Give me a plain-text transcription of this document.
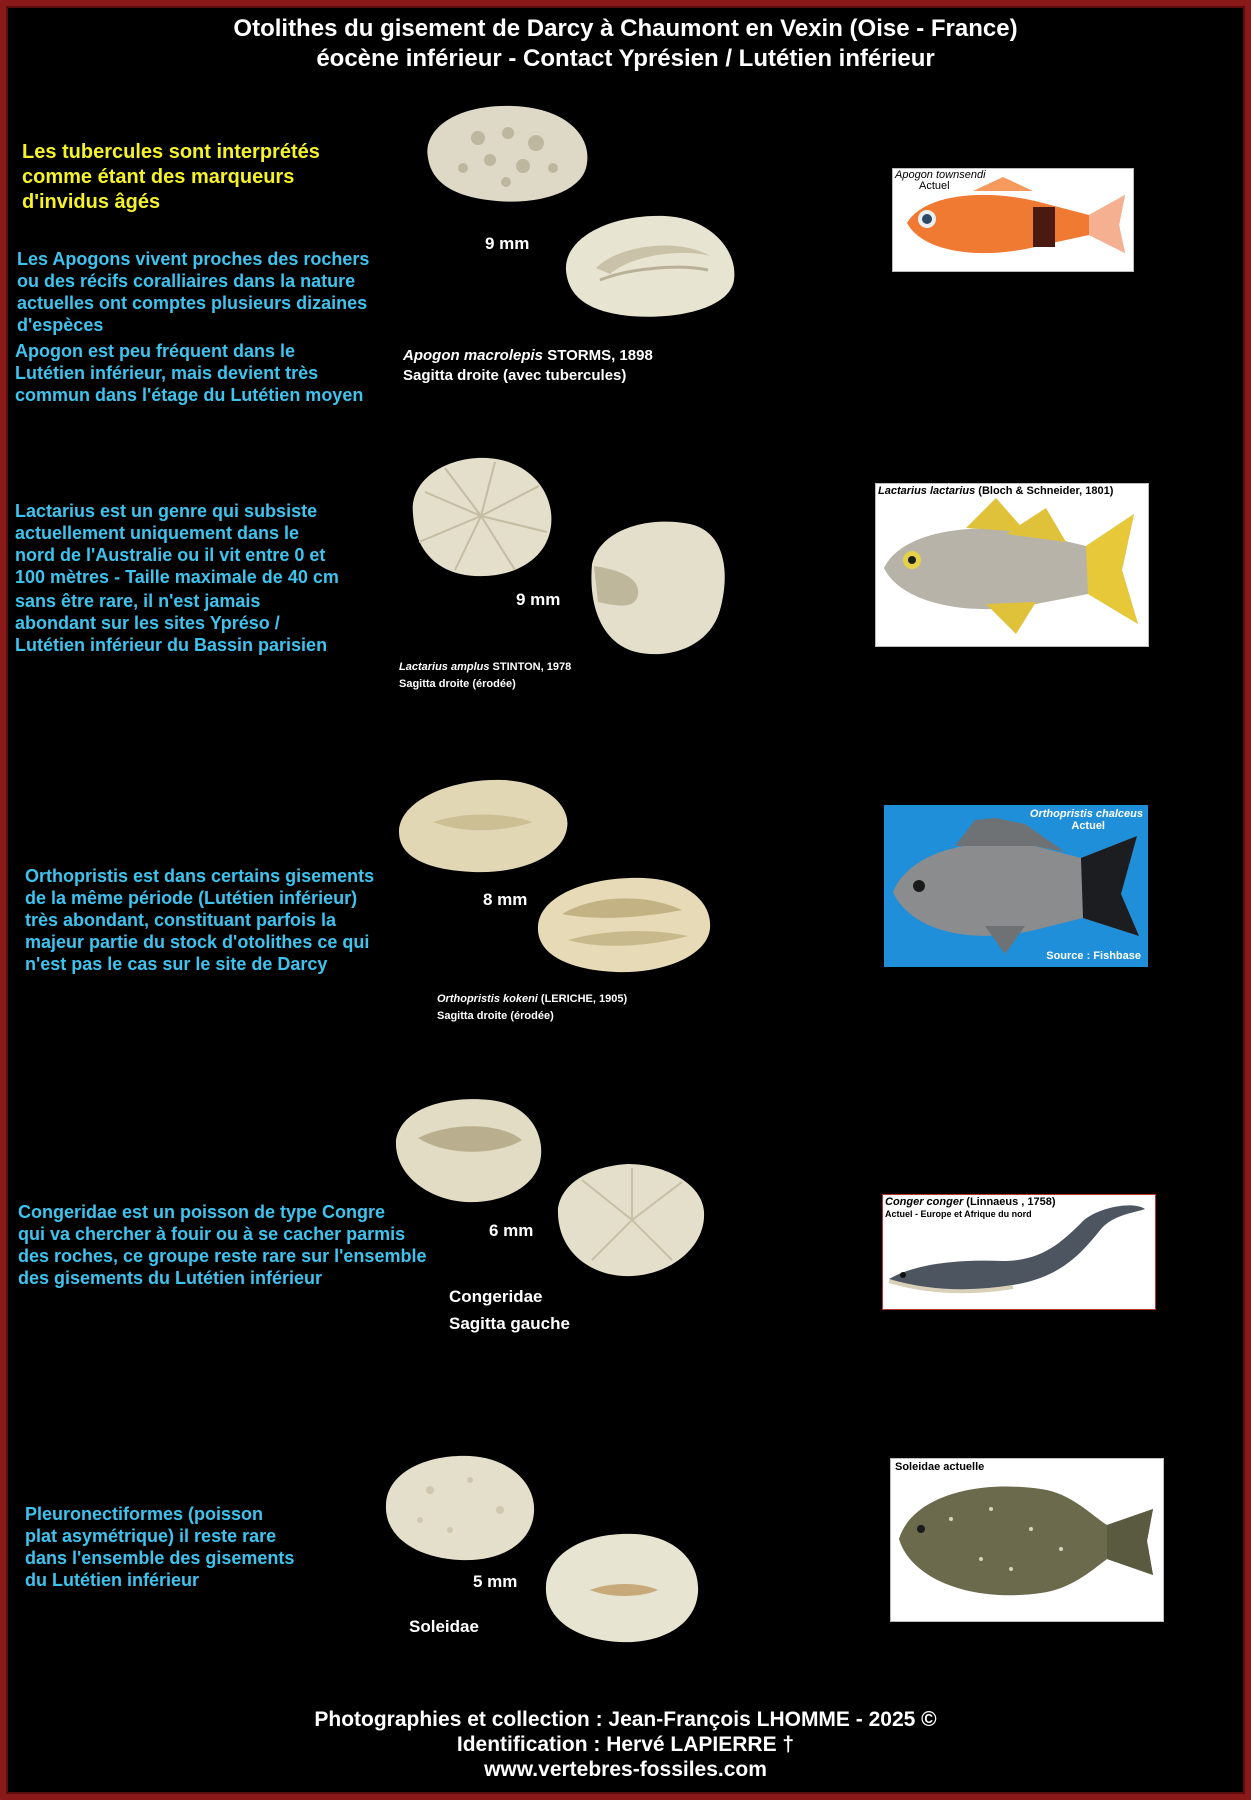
Otolithes du gisement de Darcy à Chaumont en Vexin (Oise - France)
éocène inférieur - Contact Yprésien / Lutétien inférieur
Les tubercules sont interprétés
comme étant des marqueurs
d'invidus âgés
Les Apogons vivent proches des rochers
ou des récifs coralliaires dans la nature
actuelles ont comptes plusieurs dizaines
d'espèces
Apogon est peu fréquent dans le
Lutétien inférieur, mais devient très
commun dans l'étage du Lutétien moyen
9 mm
Apogon macrolepis STORMS, 1898
Sagitta droite (avec tubercules)
Apogon townsendi
Actuel
Lactarius est un genre qui subsiste
actuellement uniquement dans le
nord de l'Australie ou il vit entre 0 et
100 mètres - Taille maximale de 40 cm
sans être rare, il n'est jamais
abondant sur les sites Ypréso /
Lutétien inférieur du Bassin parisien
9 mm
Lactarius amplus STINTON, 1978
Sagitta droite (érodée)
Lactarius lactarius (Bloch & Schneider, 1801)
Orthopristis est dans certains gisements
de la même période (Lutétien inférieur)
très abondant, constituant parfois la
majeur partie du stock d'otolithes ce qui
n'est pas le cas sur le site de Darcy
8 mm
Orthopristis kokeni (LERICHE, 1905)
Sagitta droite (érodée)
Orthopristis chalceus
Actuel
Source : Fishbase
Congeridae est un poisson de type Congre
qui va chercher à fouir ou à se cacher parmis
des roches, ce groupe reste rare sur l'ensemble
des gisements du Lutétien inférieur
6 mm
Congeridae
Sagitta gauche
Conger conger (Linnaeus , 1758)
Actuel - Europe et Afrique du nord
Pleuronectiformes (poisson
plat asymétrique) il reste rare
dans l'ensemble des gisements
du Lutétien inférieur	5 mm
Soleidae
Soleidae actuelle
Photographies et collection : Jean-François LHOMME - 2025 ©
Identification : Hervé LAPIERRE †
www.vertebres-fossiles.com
